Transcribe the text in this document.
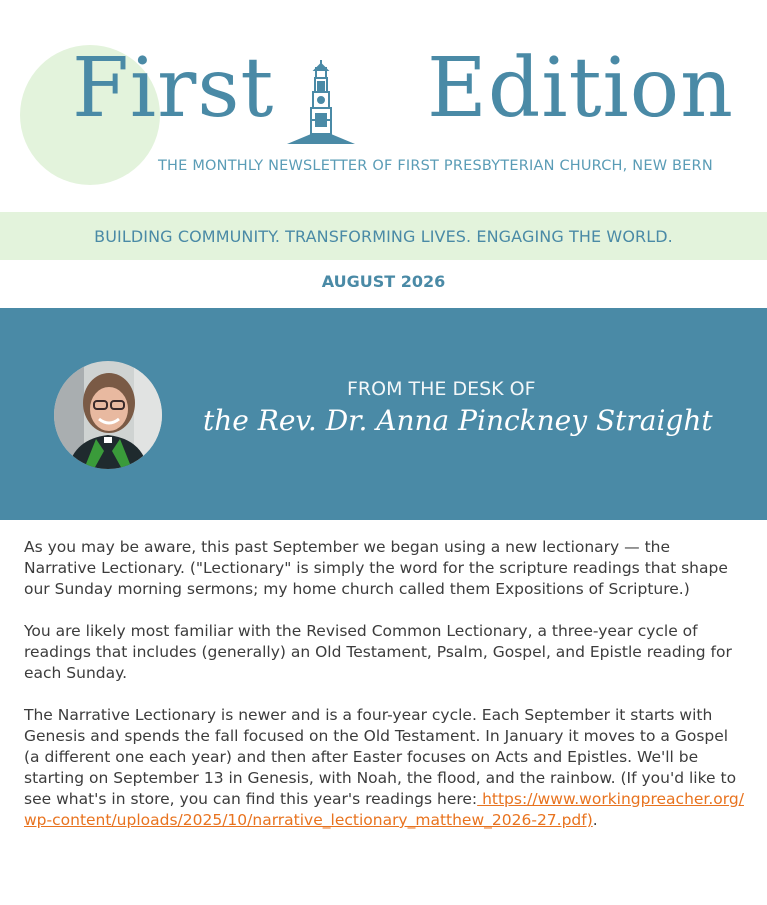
First Edition
THE MONTHLY NEWSLETTER OF FIRST PRESBYTERIAN CHURCH, NEW BERN
BUILDING COMMUNITY. TRANSFORMING LIVES. ENGAGING THE WORLD.
AUGUST 2026
FROM THE DESK OF
the Rev. Dr. Anna Pinckney Straight

As you may be aware, this past September we began using a new lectionary — the Narrative Lectionary. ("Lectionary" is simply the word for the scripture readings that shape our Sunday morning sermons; my home church called them Expositions of Scripture.)

You are likely most familiar with the Revised Common Lectionary, a three-year cycle of readings that includes (generally) an Old Testament, Psalm, Gospel, and Epistle reading for each Sunday.

The Narrative Lectionary is newer and is a four-year cycle. Each September it starts with Genesis and spends the fall focused on the Old Testament. In January it moves to a Gospel (a different one each year) and then after Easter focuses on Acts and Epistles. We'll be starting on September 13 in Genesis, with Noah, the flood, and the rainbow. (If you'd like to see what's in store, you can find this year's readings here: https://www.workingpreacher.org/wp-content/uploads/2025/10/narrative_lectionary_matthew_2026-27.pdf).
